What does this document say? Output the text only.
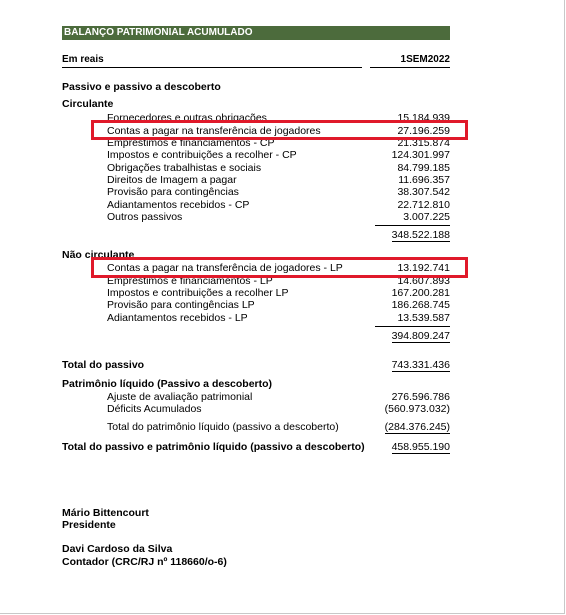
BALANÇO PATRIMONIAL ACUMULADO
Em reais	1SEM2022
Passivo e passivo a descoberto
Circulante
Fornecedores e outras obrigações	15.184.939
Contas a pagar na transferência de jogadores	27.196.259
Empréstimos e financiamentos - CP	21.315.874
Impostos e contribuições a recolher - CP	124.301.997
Obrigações trabalhistas e sociais	84.799.185
Direitos de Imagem a pagar	11.696.357
Provisão para contingências	38.307.542
Adiantamentos recebidos - CP	22.712.810
Outros passivos	3.007.225
348.522.188
Não circulante
Contas a pagar na transferência de jogadores - LP	13.192.741
Empréstimos e financiamentos - LP	14.607.893
Impostos e contribuições a recolher LP	167.200.281
Provisão para contingências LP	186.268.745
Adiantamentos recebidos - LP	13.539.587
394.809.247
Total do passivo	743.331.436
Patrimônio líquido (Passivo a descoberto)
Ajuste de avaliação patrimonial	276.596.786
Déficits Acumulados	(560.973.032)
Total do patrimônio líquido (passivo a descoberto)	(284.376.245)
Total do passivo e patrimônio líquido (passivo a descoberto)	458.955.190
Mário Bittencourt
Presidente
Davi Cardoso da Silva
Contador (CRC/RJ nº 118660/o-6)
